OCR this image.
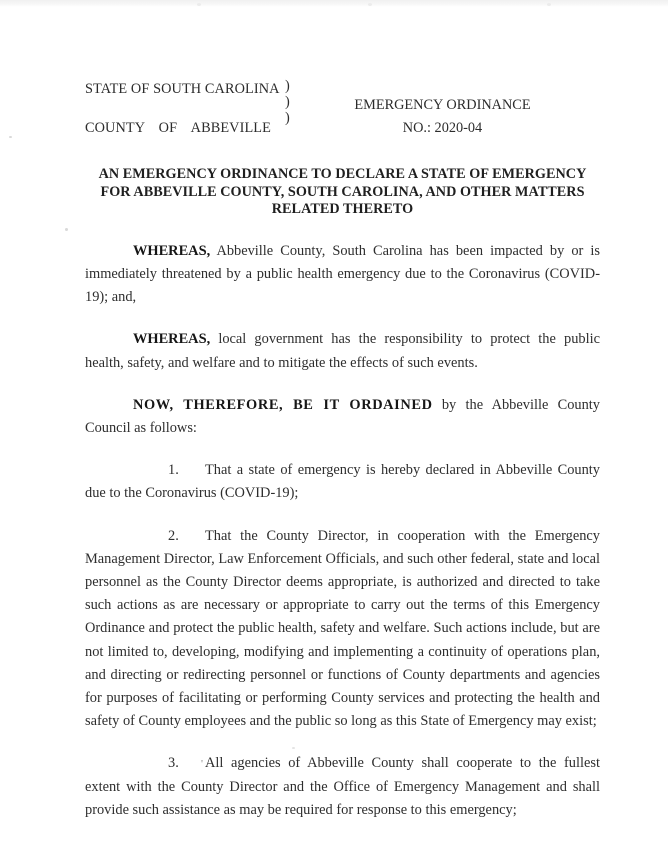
STATE OF SOUTH CAROLINA
COUNTY OF ABBEVILLE
)
)
)
EMERGENCY ORDINANCE
NO.: 2020-04
AN EMERGENCY ORDINANCE TO DECLARE A STATE OF EMERGENCY FOR ABBEVILLE COUNTY, SOUTH CAROLINA, AND OTHER MATTERS RELATED THERETO

WHEREAS, Abbeville County, South Carolina has been impacted by or is immediately threatened by a public health emergency due to the Coronavirus (COVID-19); and,

WHEREAS, local government has the responsibility to protect the public health, safety, and welfare and to mitigate the effects of such events.

NOW, THEREFORE, BE IT ORDAINED by the Abbeville County Council as follows:

1. That a state of emergency is hereby declared in Abbeville County due to the Coronavirus (COVID-19);

2. That the County Director, in cooperation with the Emergency Management Director, Law Enforcement Officials, and such other federal, state and local personnel as the County Director deems appropriate, is authorized and directed to take such actions as are necessary or appropriate to carry out the terms of this Emergency Ordinance and protect the public health, safety and welfare. Such actions include, but are not limited to, developing, modifying and implementing a continuity of operations plan, and directing or redirecting personnel or functions of County departments and agencies for purposes of facilitating or performing County services and protecting the health and safety of County employees and the public so long as this State of Emergency may exist;

3. ' All agencies of Abbeville County shall cooperate to the fullest extent with the County Director and the Office of Emergency Management and shall provide such assistance as may be required for response to this emergency;
